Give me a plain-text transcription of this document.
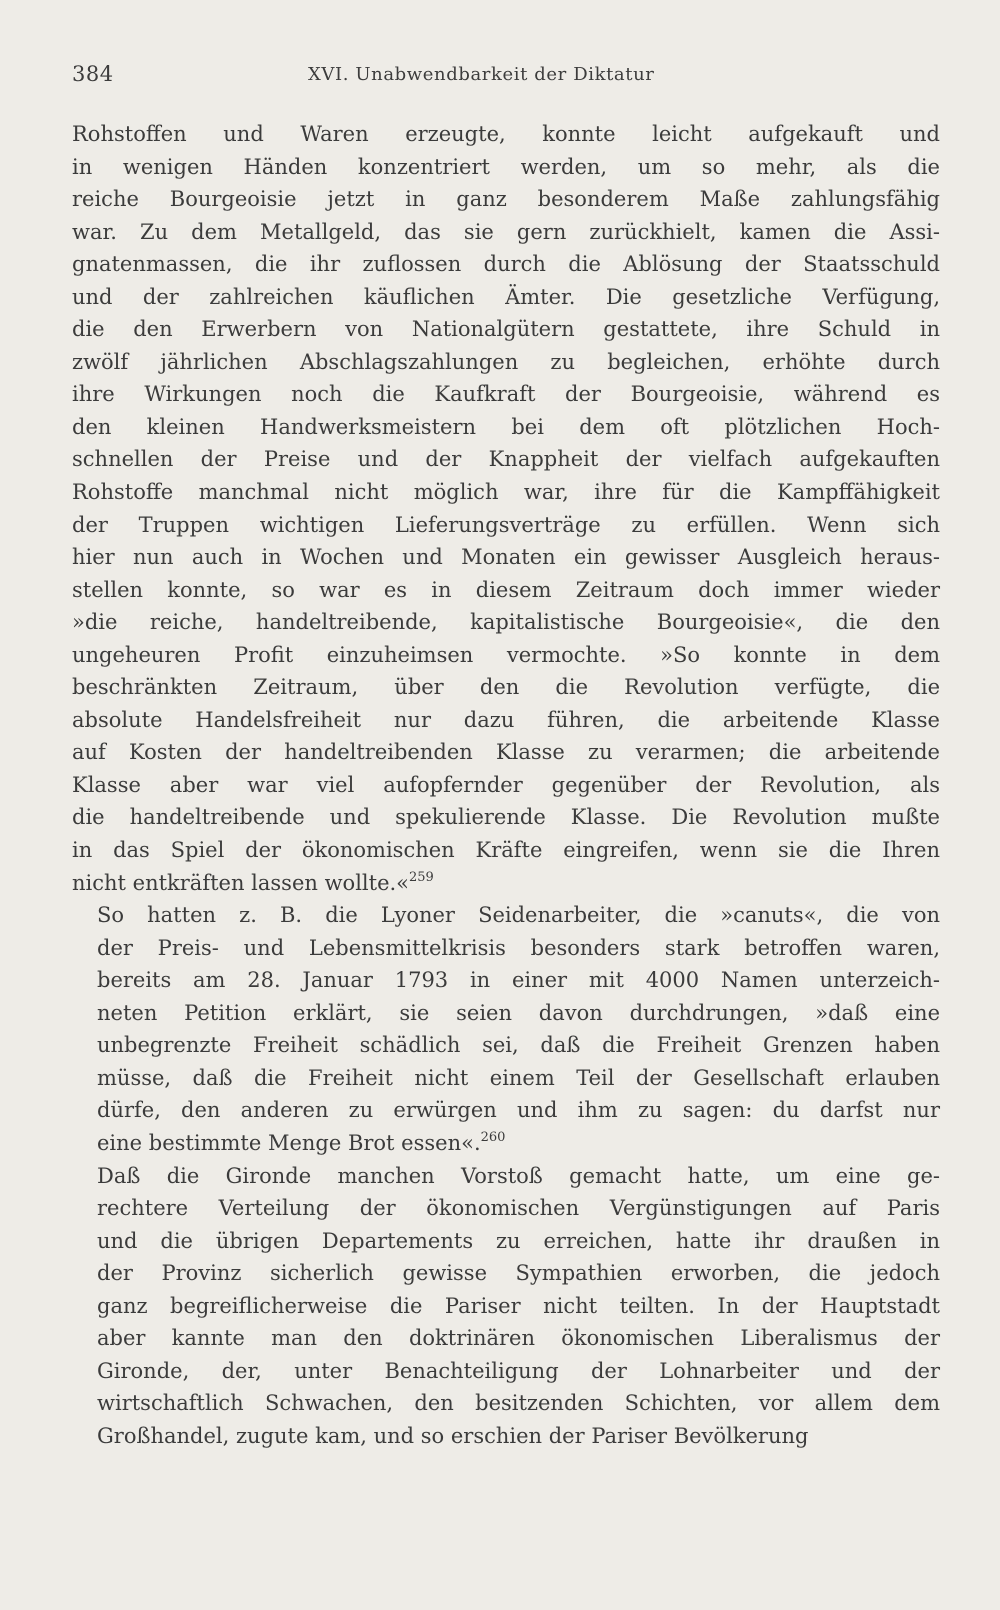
384	XVI. Unabwendbarkeit der Diktatur
Rohstoffen und Waren erzeugte, konnte leicht aufgekauft und
in wenigen Händen konzentriert werden, um so mehr, als die
reiche Bourgeoisie jetzt in ganz besonderem Maße zahlungsfähig
war. Zu dem Metallgeld, das sie gern zurückhielt, kamen die Assi-
gnatenmassen, die ihr zuflossen durch die Ablösung der Staatsschuld
und der zahlreichen käuflichen Ämter. Die gesetzliche Verfügung,
die den Erwerbern von Nationalgütern gestattete, ihre Schuld in
zwölf jährlichen Abschlagszahlungen zu begleichen, erhöhte durch
ihre Wirkungen noch die Kaufkraft der Bourgeoisie, während es
den kleinen Handwerksmeistern bei dem oft plötzlichen Hoch-
schnellen der Preise und der Knappheit der vielfach aufgekauften
Rohstoffe manchmal nicht möglich war, ihre für die Kampffähigkeit
der Truppen wichtigen Lieferungsverträge zu erfüllen. Wenn sich
hier nun auch in Wochen und Monaten ein gewisser Ausgleich heraus-
stellen konnte, so war es in diesem Zeitraum doch immer wieder
»die reiche, handeltreibende, kapitalistische Bourgeoisie«, die den
ungeheuren Profit einzuheimsen vermochte. »So konnte in dem
beschränkten Zeitraum, über den die Revolution verfügte, die
absolute Handelsfreiheit nur dazu führen, die arbeitende Klasse
auf Kosten der handeltreibenden Klasse zu verarmen; die arbeitende
Klasse aber war viel aufopfernder gegenüber der Revolution, als
die handeltreibende und spekulierende Klasse. Die Revolution mußte
in das Spiel der ökonomischen Kräfte eingreifen, wenn sie die Ihren
nicht entkräften lassen wollte.«$^{259}$
So hatten z. B. die Lyoner Seidenarbeiter, die »canuts«, die von
der Preis- und Lebensmittelkrisis besonders stark betroffen waren,
bereits am 28. Januar 1793 in einer mit 4000 Namen unterzeich-
neten Petition erklärt, sie seien davon durchdrungen, »daß eine
unbegrenzte Freiheit schädlich sei, daß die Freiheit Grenzen haben
müsse, daß die Freiheit nicht einem Teil der Gesellschaft erlauben
dürfe, den anderen zu erwürgen und ihm zu sagen: du darfst nur
eine bestimmte Menge Brot essen«.$^{260}$
Daß die Gironde manchen Vorstoß gemacht hatte, um eine ge-
rechtere Verteilung der ökonomischen Vergünstigungen auf Paris
und die übrigen Departements zu erreichen, hatte ihr draußen in
der Provinz sicherlich gewisse Sympathien erworben, die jedoch
ganz begreiflicherweise die Pariser nicht teilten. In der Hauptstadt
aber kannte man den doktrinären ökonomischen Liberalismus der
Gironde, der, unter Benachteiligung der Lohnarbeiter und der
wirtschaftlich Schwachen, den besitzenden Schichten, vor allem dem
Großhandel, zugute kam, und so erschien der Pariser Bevölkerung
